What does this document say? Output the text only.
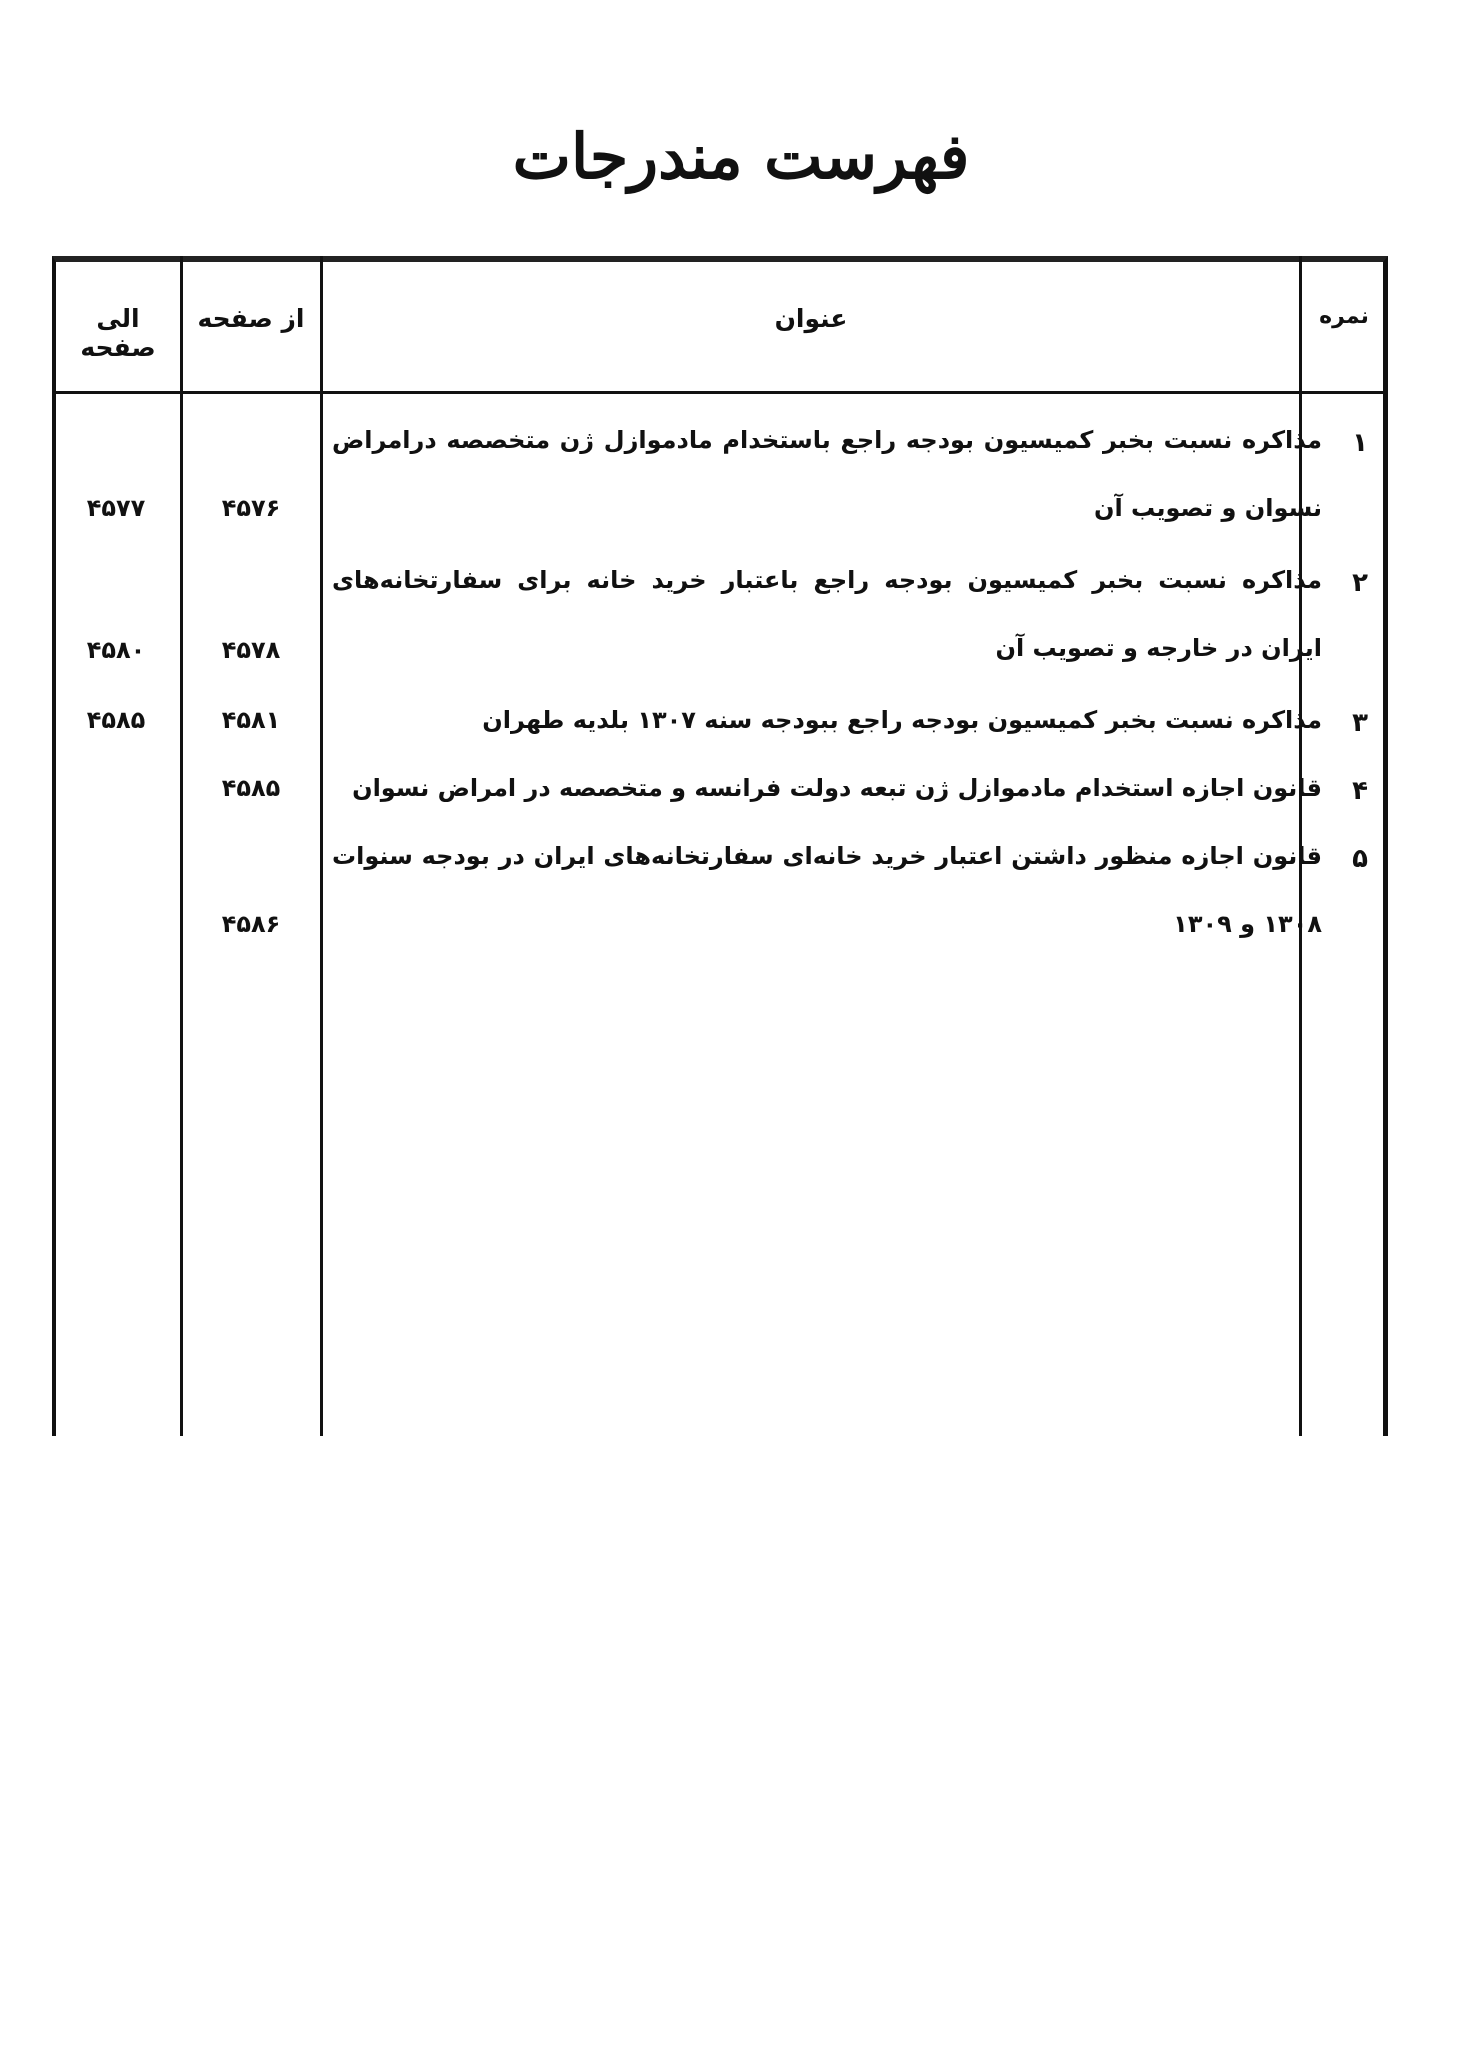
فهرست مندرجات
نمره
عنوان
از صفحه
الی صفحه
۱
مذاکره نسبت بخبر کمیسیون بودجه راجع باستخدام مادموازل ژن متخصصه درامراض نسوان و تصویب آن
۴۵۷۶
۴۵۷۷
۲
مذاکره نسبت بخبر کمیسیون بودجه راجع باعتبار خرید خانه برای سفارتخانه‌های ایران در خارجه و تصویب آن
۴۵۷۸
۴۵۸۰
۳
مذاکره نسبت بخبر کمیسیون بودجه راجع ببودجه سنه ۱۳۰۷ بلدیه طهران
۴۵۸۱
۴۵۸۵
۴
قانون اجازه استخدام مادموازل ژن تبعه دولت فرانسه و متخصصه در امراض نسوان
۴۵۸۵
۵
قانون اجازه منظور داشتن اعتبار خرید خانه‌ای سفارتخانه‌های ایران در بودجه سنوات ۱۳۰۸ و ۱۳۰۹
۴۵۸۶
